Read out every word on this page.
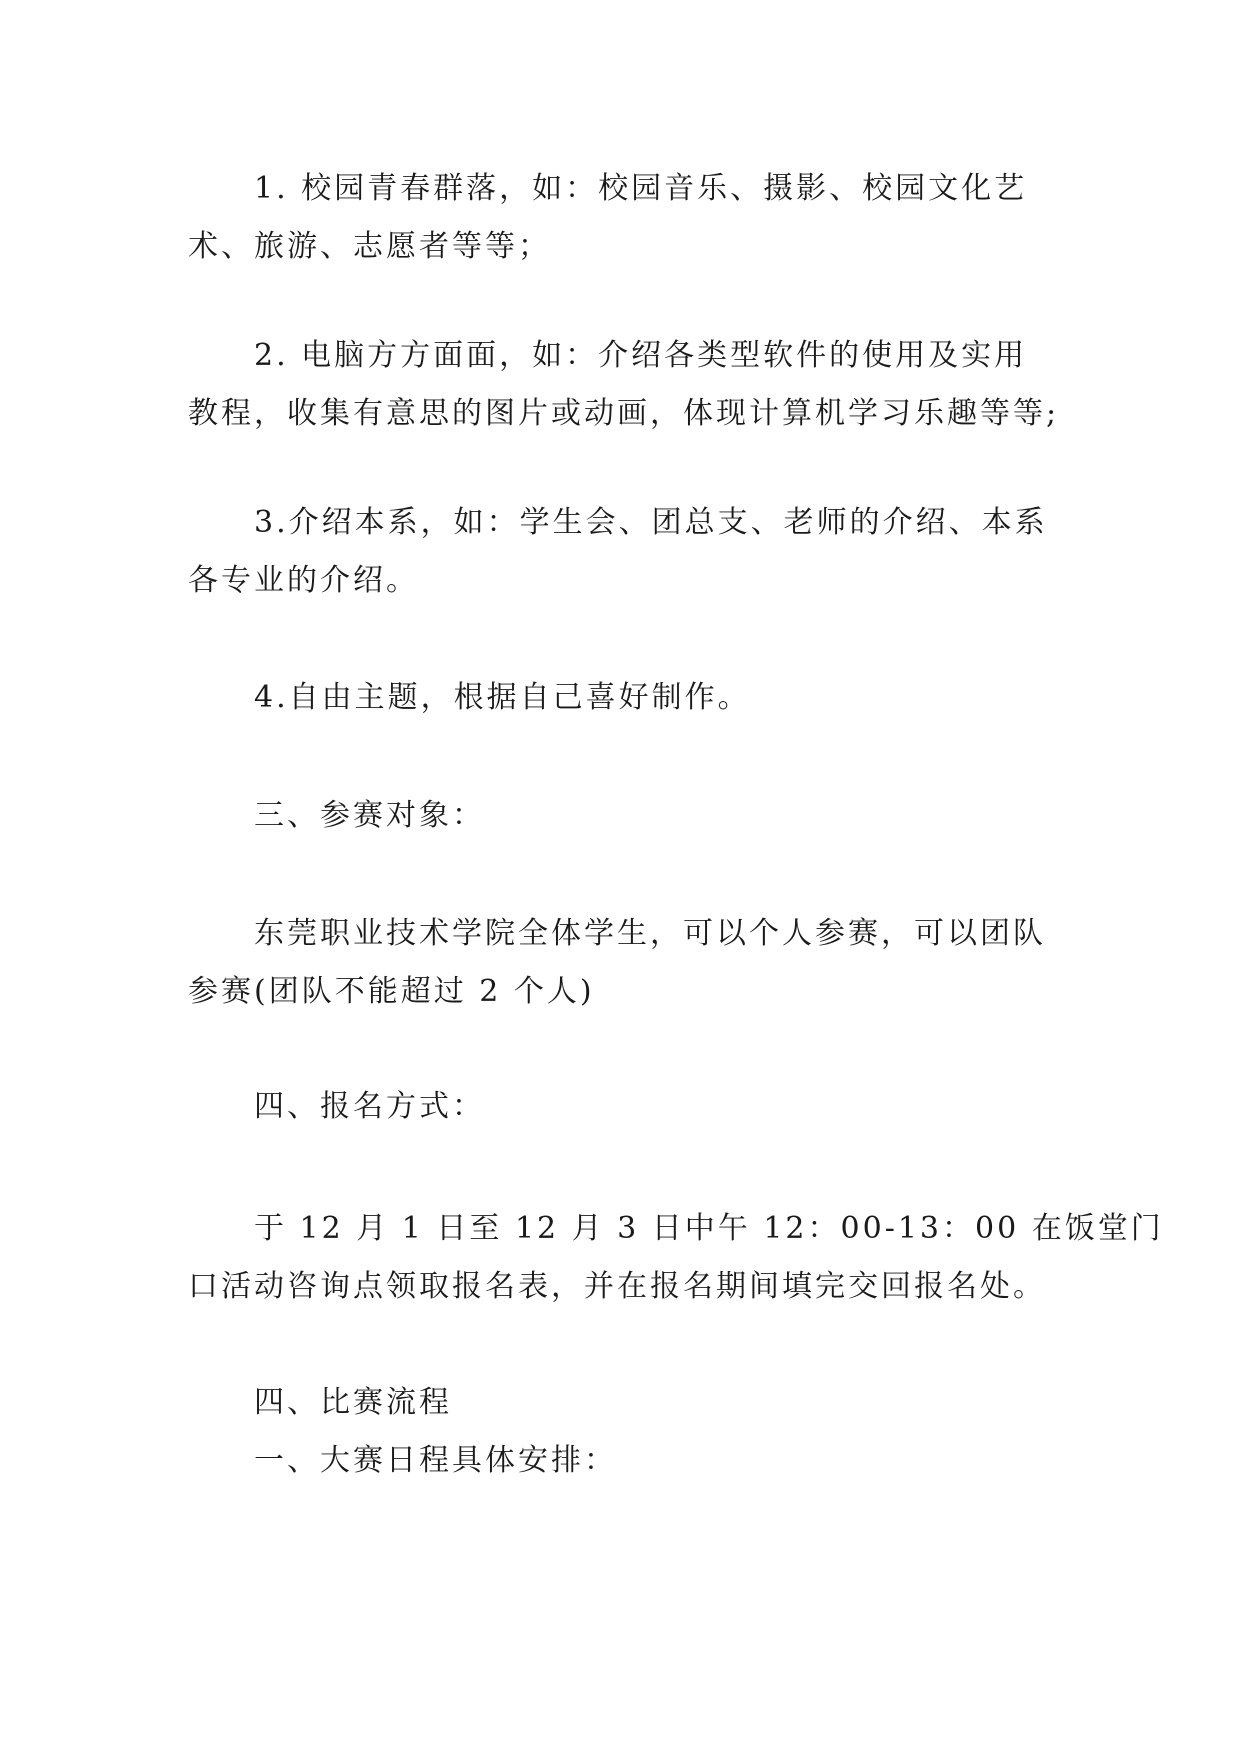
1. 校园青春群落，如：校园音乐、摄影、校园文化艺
术、旅游、志愿者等等；
2. 电脑方方面面，如：介绍各类型软件的使用及实用
教程，收集有意思的图片或动画，体现计算机学习乐趣等等;
3.介绍本系，如：学生会、团总支、老师的介绍、本系
各专业的介绍。
4.自由主题，根据自己喜好制作。
三、参赛对象：
东莞职业技术学院全体学生，可以个人参赛，可以团队
参赛(团队不能超过 2 个人)
四、报名方式：
于 12 月 1 日至 12 月 3 日中午 12：00-13：00 在饭堂门
口活动咨询点领取报名表，并在报名期间填完交回报名处。
四、比赛流程
一、大赛日程具体安排：
